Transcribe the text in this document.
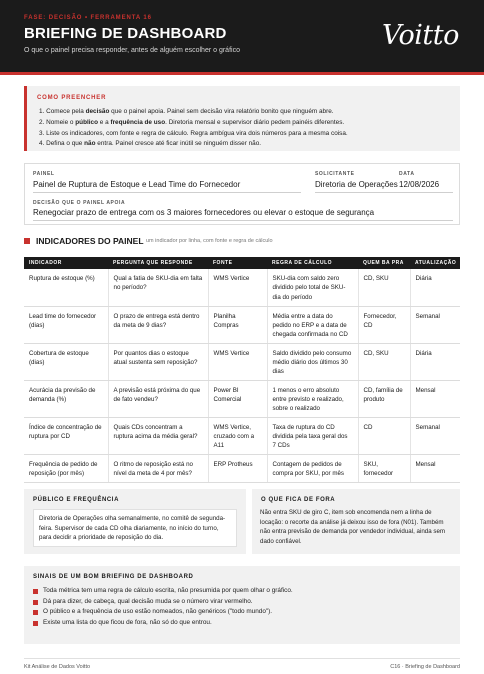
FASE: DECISÃO • FERRAMENTA 16
BRIEFING DE DASHBOARD
O que o painel precisa responder, antes de alguém escolher o gráfico	Voitto
COMO PREENCHER
1. Comece pela decisão que o painel apoia. Painel sem decisão vira relatório bonito que ninguém abre.
2. Nomeie o público e a frequência de uso. Diretoria mensal e supervisor diário pedem painéis diferentes.
3. Liste os indicadores, com fonte e regra de cálculo. Regra ambígua vira dois números para a mesma coisa.
4. Defina o que não entra. Painel cresce até ficar inútil se ninguém disser não.
PAINEL
Painel de Ruptura de Estoque e Lead Time do Fornecedor
SOLICITANTE
Diretoria de Operações
DATA
12/08/2026
DECISÃO QUE O PAINEL APOIA
Renegociar prazo de entrega com os 3 maiores fornecedores ou elevar o estoque de segurança
INDICADORES DO PAINEL um indicador por linha, com fonte e regra de cálculo
INDICADOR	PERGUNTA QUE RESPONDE	FONTE	REGRA DE CÁLCULO	QUEM BA PRA	ATUALIZAÇÃO
Ruptura de estoque (%)	Qual a fatia de SKU-dia em falta no período?	WMS Vertice	SKU-dia com saldo zero dividido pelo total de SKU-dia do período	CD, SKU	Diária
Lead time do fornecedor (dias)	O prazo de entrega está dentro da meta de 9 dias?	Planilha Compras	Média entre a data do pedido no ERP e a data de chegada confirmada no CD	Fornecedor, CD	Semanal
Cobertura de estoque (dias)	Por quantos dias o estoque atual sustenta sem reposição?	WMS Vertice	Saldo dividido pelo consumo médio diário dos últimos 30 dias	CD, SKU	Diária
Acurácia da previsão de demanda (%)	A previsão está próxima do que de fato vendeu?	Power BI Comercial	1 menos o erro absoluto entre previsto e realizado, sobre o realizado	CD, família de produto	Mensal
Índice de concentração de ruptura por CD	Quais CDs concentram a ruptura acima da média geral?	WMS Vertice, cruzado com a A11	Taxa de ruptura do CD dividida pela taxa geral dos 7 CDs	CD	Semanal
Frequência de pedido de reposição (por mês)	O ritmo de reposição está no nível da meta de 4 por mês?	ERP Protheus	Contagem de pedidos de compra por SKU, por mês	SKU, fornecedor	Mensal
PÚBLICO E FREQUÊNCIA
Diretoria de Operações olha semanalmente, no comitê de segunda-feira. Supervisor de cada CD olha diariamente, no início do turno, para decidir a prioridade de reposição do dia.
O QUE FICA DE FORA
Não entra SKU de giro C, item sob encomenda nem a linha de locação: o recorte da análise já deixou isso de fora (N01). Também não entra previsão de demanda por vendedor individual, ainda sem dado confiável.
SINAIS DE UM BOM BRIEFING DE DASHBOARD
Toda métrica tem uma regra de cálculo escrita, não presumida por quem olhar o gráfico.
Dá para dizer, de cabeça, qual decisão muda se o número virar vermelho.
O público e a frequência de uso estão nomeados, não genéricos ("todo mundo").
Existe uma lista do que ficou de fora, não só do que entrou.
Kit Análise de Dados Voitto	C16 · Briefing de Dashboard
